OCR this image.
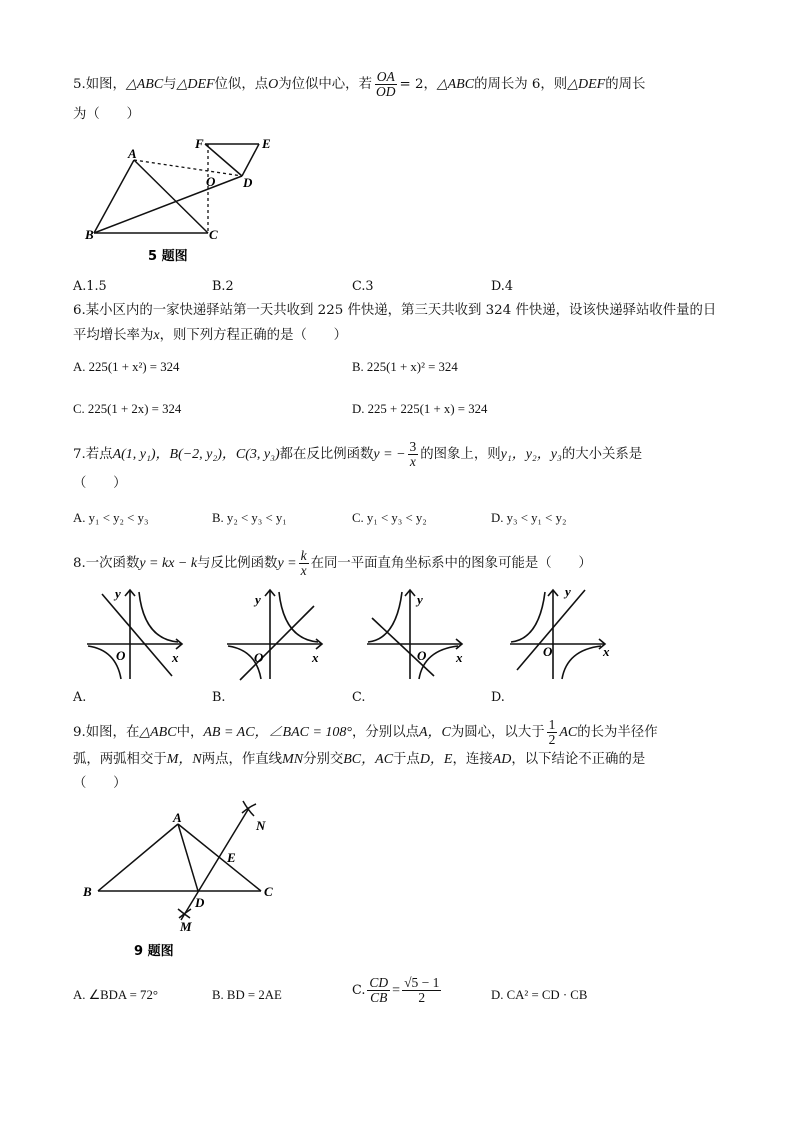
5.如图，△ABC与△DEF位似，点O为位似中心，若 $\frac{OA}{OD} = 2$，△ABC的周长为 6，则△DEF的周长
为（　　）
A
B	C
D
E
F
O
5 题图
A.1.5	B.2	C.3	D.4
6.某小区内的一家快递驿站第一天共收到 225 件快递，第三天共收到 324 件快递，设该快递驿站收件量的日
平均增长率为x，则下列方程正确的是（　　）
A. 225(1 + x²) = 324	B. 225(1 + x)² = 324
C. 225(1 + 2x) = 324	D. 225 + 225(1 + x) = 324
7.若点A(1, y₁)，B(−2, y₂)，C(3, y₃)都在反比例函数y = − $\frac{3}{x}$ 的图象上，则y₁，y₂，y₃的大小关系是
（　　）
A. y₁ < y₂ < y₃	B. y₂ < y₃ < y₁	C. y₁ < y₃ < y₂	D. y₃ < y₁ < y₂
8.一次函数y = kx − k与反比例函数$y = \frac{k}{x}$ 在同一平面直角坐标系中的图象可能是（　　）
y
x
O
A.
y
x
O
B.
y
x
O
C.
y
x
O
D.
9.如图，在△ABC中，AB = AC，∠BAC = 108°，分别以点A，C为圆心，以大于 $\frac{1}{2}$ AC的长为半径作
弧，两弧相交于M，N两点，作直线MN分别交BC，AC于点D，E，连接AD，以下结论不正确的是
（　　）
A
B	C
D
E
M
N
9 题图
A. ∠BDA = 72°	B. BD = 2AE	C. $\frac{CD}{CB} = \frac{√5 - 1}{2}$	D. CA² = CD · CB
